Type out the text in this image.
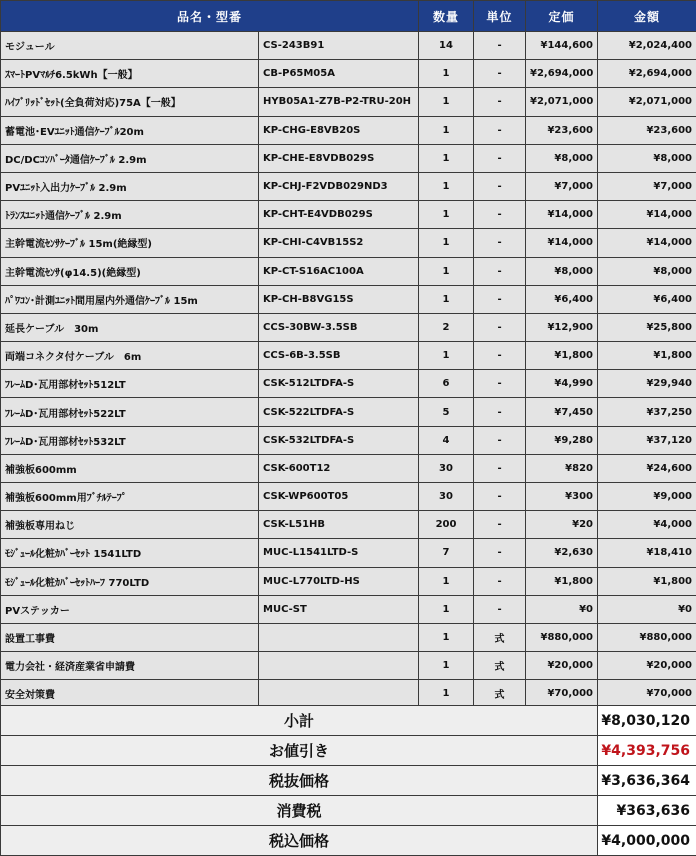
品名・型番		数量	単位	定価	金額
モジュール	CS-243B91	14	-	¥144,600	¥2,024,400
ｽﾏｰﾄPVﾏﾙﾁ6.5kWh【一般】	CB-P65M05A	1	-	¥2,694,000	¥2,694,000
ﾊｲﾌﾞﾘｯﾄﾞｾｯﾄ(全負荷対応)75A【一般】	HYB05A1-Z7B-P2-TRU-20H	1	-	¥2,071,000	¥2,071,000
蓄電池･EVﾕﾆｯﾄ通信ｹｰﾌﾞﾙ20m	KP-CHG-E8VB20S	1	-	¥23,600	¥23,600
DC/DCｺﾝﾊﾞｰﾀ通信ｹｰﾌﾞﾙ 2.9m	KP-CHE-E8VDB029S	1	-	¥8,000	¥8,000
PVﾕﾆｯﾄ入出力ｹｰﾌﾞﾙ 2.9m	KP-CHJ-F2VDB029ND3	1	-	¥7,000	¥7,000
ﾄﾗﾝｽﾕﾆｯﾄ通信ｹｰﾌﾞﾙ 2.9m	KP-CHT-E4VDB029S	1	-	¥14,000	¥14,000
主幹電流ｾﾝｻｹｰﾌﾞﾙ 15m(絶縁型)	KP-CHI-C4VB15S2	1	-	¥14,000	¥14,000
主幹電流ｾﾝｻ(φ14.5)(絶縁型)	KP-CT-S16AC100A	1	-	¥8,000	¥8,000
ﾊﾟﾜｺﾝ･計測ﾕﾆｯﾄ間用屋内外通信ｹｰﾌﾞﾙ 15m	KP-CH-B8VG15S	1	-	¥6,400	¥6,400
延長ケーブル　30m	CCS-30BW-3.5SB	2	-	¥12,900	¥25,800
両端コネクタ付ケーブル　6m	CCS-6B-3.5SB	1	-	¥1,800	¥1,800
ﾌﾚｰﾑD･瓦用部材ｾｯﾄ512LT	CSK-512LTDFA-S	6	-	¥4,990	¥29,940
ﾌﾚｰﾑD･瓦用部材ｾｯﾄ522LT	CSK-522LTDFA-S	5	-	¥7,450	¥37,250
ﾌﾚｰﾑD･瓦用部材ｾｯﾄ532LT	CSK-532LTDFA-S	4	-	¥9,280	¥37,120
補強板600mm	CSK-600T12	30	-	¥820	¥24,600
補強板600mm用ﾌﾞﾁﾙﾃｰﾌﾟ	CSK-WP600T05	30	-	¥300	¥9,000
補強板専用ねじ	CSK-L51HB	200	-	¥20	¥4,000
ﾓｼﾞｭｰﾙ化粧ｶﾊﾞｰｾｯﾄ 1541LTD	MUC-L1541LTD-S	7	-	¥2,630	¥18,410
ﾓｼﾞｭｰﾙ化粧ｶﾊﾞｰｾｯﾄﾊｰﾌ 770LTD	MUC-L770LTD-HS	1	-	¥1,800	¥1,800
PVステッカー	MUC-ST	1	-	¥0	¥0
設置工事費		1	式	¥880,000	¥880,000
電力会社・経済産業省申請費		1	式	¥20,000	¥20,000
安全対策費		1	式	¥70,000	¥70,000
小計	¥8,030,120
お値引き	¥4,393,756
税抜価格	¥3,636,364
消費税	¥363,636
税込価格	¥4,000,000
